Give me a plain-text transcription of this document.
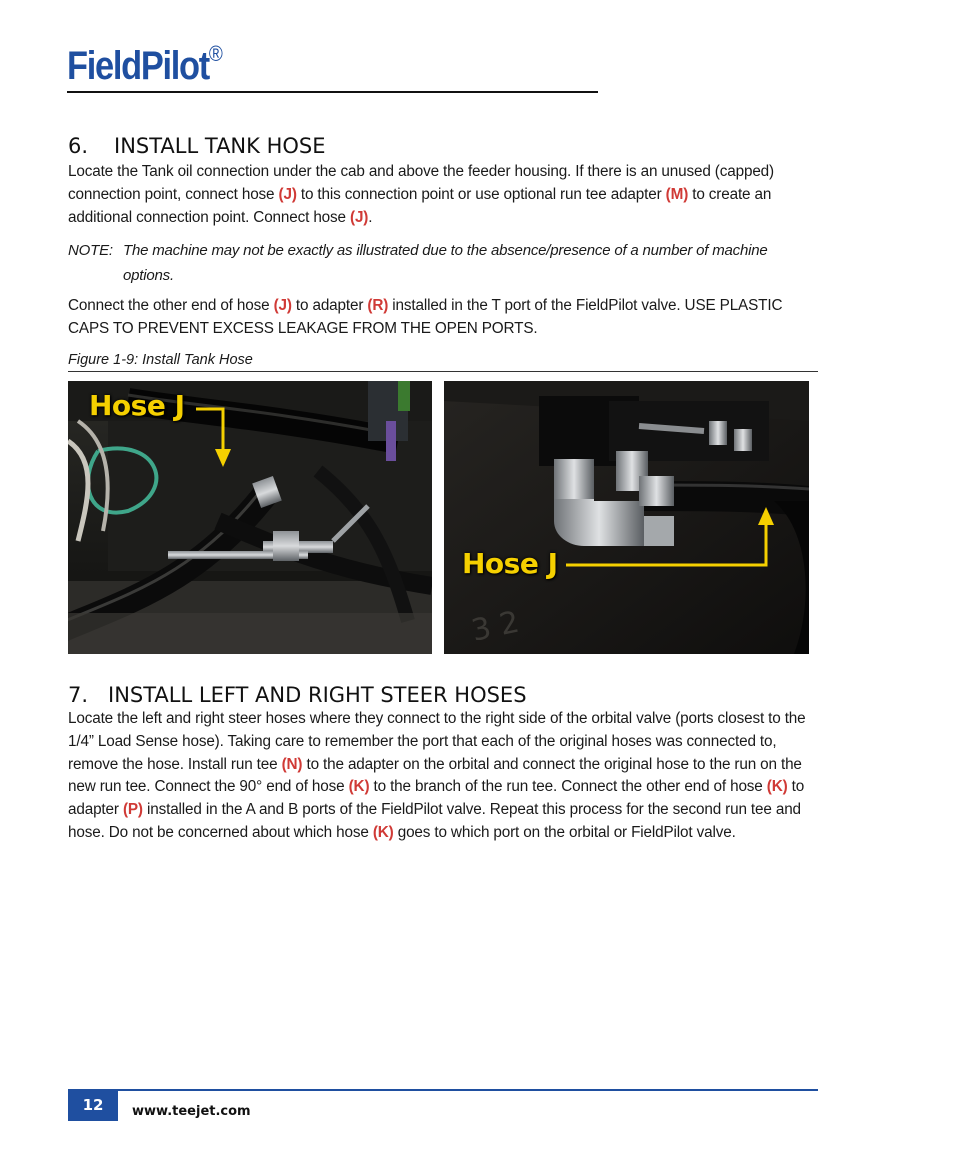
FieldPilot®
6. INSTALL TANK HOSE

Locate the Tank oil connection under the cab and above the feeder housing. If there is an unused (capped) connection point, connect hose (J) to this connection point or use optional run tee adapter (M) to create an additional connection point. Connect hose (J).

NOTE: The machine may not be exactly as illustrated due to the absence/presence of a number of machine
options.

Connect the other end of hose (J) to adapter (R) installed in the T port of the FieldPilot valve. USE PLASTIC CAPS TO PREVENT EXCESS LEAKAGE FROM THE OPEN PORTS.

Figure 1-9: Install Tank Hose
Hose J
3 2
Hose J
7. INSTALL LEFT AND RIGHT STEER HOSES

Locate the left and right steer hoses where they connect to the right side of the orbital valve (ports closest to the 1/4” Load Sense hose). Taking care to remember the port that each of the original hoses was connected to, remove the hose. Install run tee (N) to the adapter on the orbital and connect the original hose to the run on the new run tee. Connect the 90° end of hose (K) to the branch of the run tee. Connect the other end of hose (K) to adapter (P) installed in the A and B ports of the FieldPilot valve. Repeat this process for the second run tee and hose. Do not be concerned about which hose (K) goes to which port on the orbital or FieldPilot valve.

12	www.teejet.com
